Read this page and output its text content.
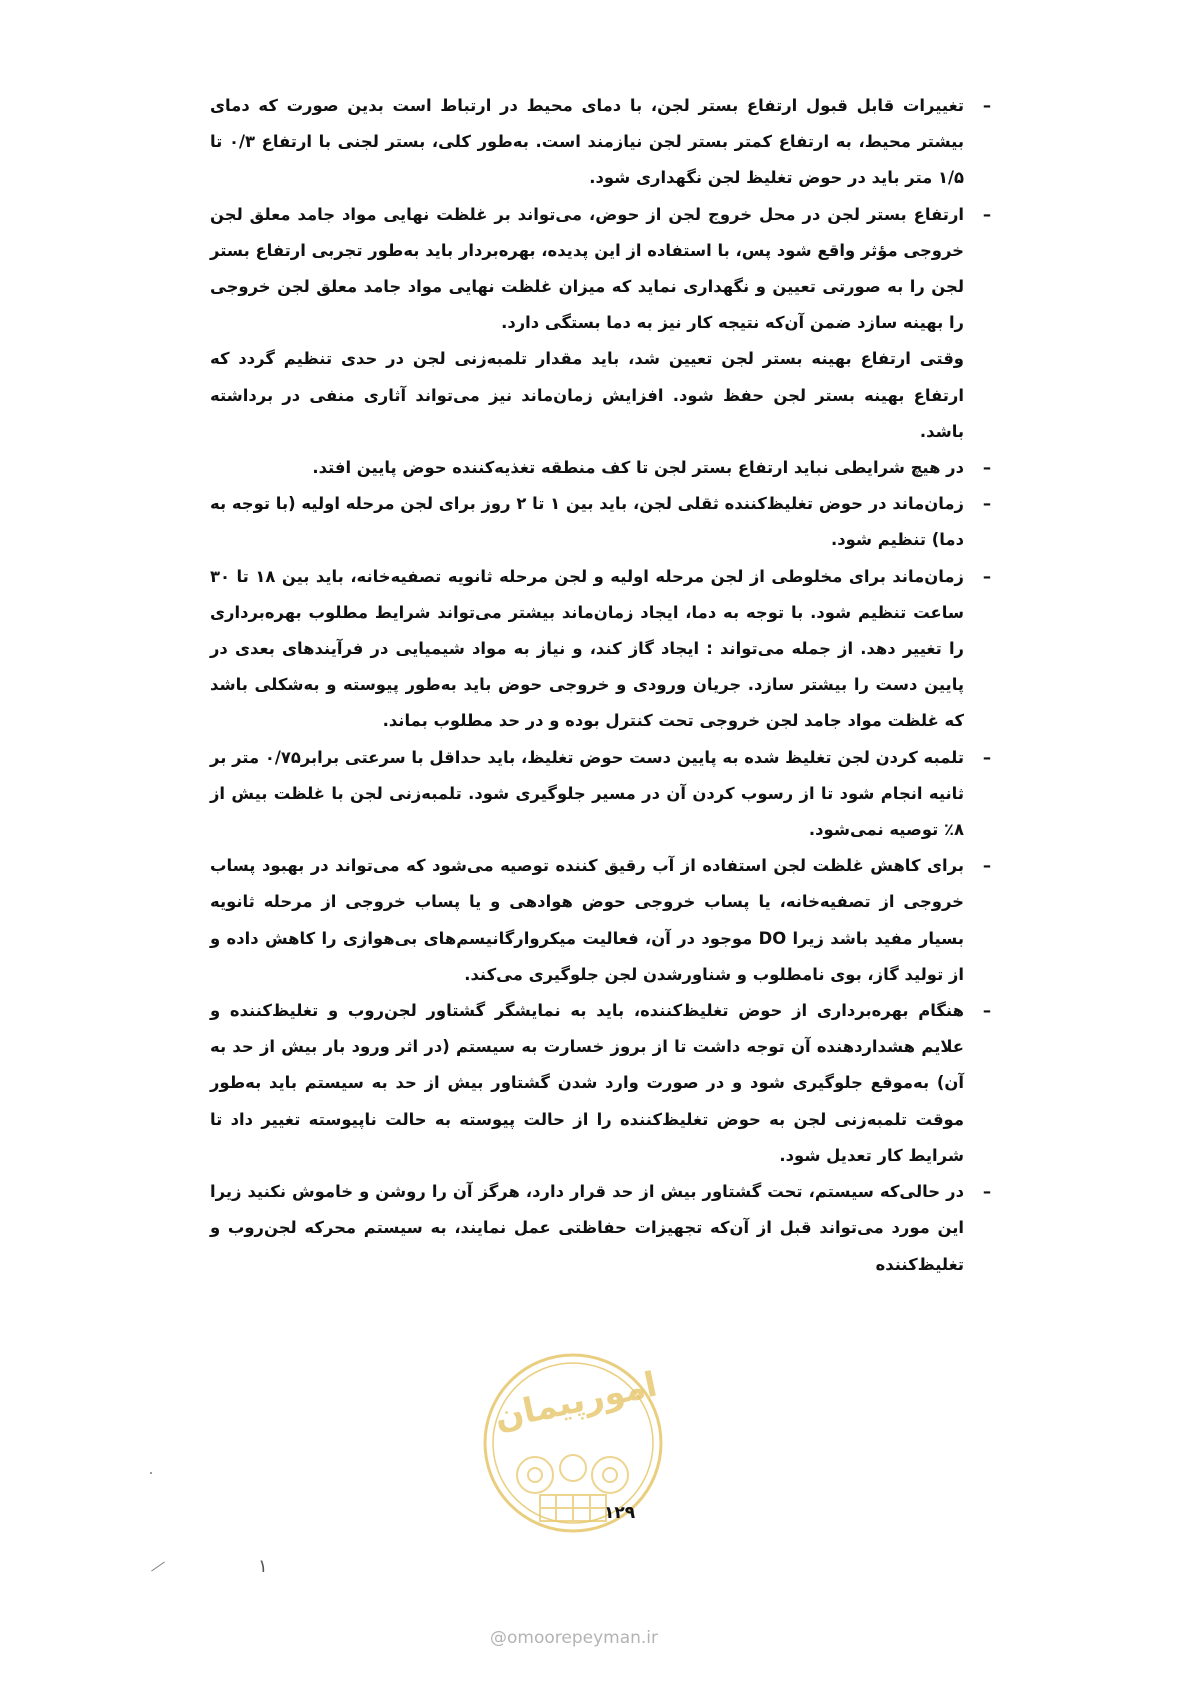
–
تغییرات قابل قبول ارتفاع بستر لجن، با دمای محیط در ارتباط است بدین صورت که دمای بیشتر محیط، به ارتفاع کمتر بستر لجن نیازمند است. به‌طور کلی، بستر لجنی با ارتفاع ۰/۳ تا ۱/۵ متر باید در حوض تغلیظ لجن نگهداری شود.

–
ارتفاع بستر لجن در محل خروج لجن از حوض، می‌تواند بر غلظت نهایی مواد جامد معلق لجن خروجی مؤثر واقع شود پس، با استفاده از این پدیده، بهره‌بردار باید به‌طور تجربی ارتفاع بستر لجن را به صورتی تعیین و نگهداری نماید که میزان غلظت نهایی مواد جامد معلق لجن خروجی را بهینه سازد ضمن آن‌که نتیجه کار نیز به دما بستگی دارد.

وقتی ارتفاع بهینه بستر لجن تعیین شد، باید مقدار تلمبه‌زنی لجن در حدی تنظیم گردد که ارتفاع بهینه بستر لجن حفظ شود. افزایش زمان‌ماند نیز می‌تواند آثاری منفی در برداشته باشد.

–
در هیچ شرایطی نباید ارتفاع بستر لجن تا کف منطقه تغذیه‌کننده حوض پایین افتد.

–
زمان‌ماند در حوض تغلیظ‌کننده ثقلی لجن، باید بین ۱ تا ۲ روز برای لجن مرحله اولیه (با توجه به دما) تنظیم شود.

–
زمان‌ماند برای مخلوطی از لجن مرحله اولیه و لجن مرحله ثانویه تصفیه‌خانه، باید بین ۱۸ تا ۳۰ ساعت تنظیم شود. با توجه به دما، ایجاد زمان‌ماند بیشتر می‌تواند شرایط مطلوب بهره‌برداری را تغییر دهد. از جمله می‌تواند : ایجاد گاز کند، و نیاز به مواد شیمیایی در فرآیندهای بعدی در پایین دست را بیشتر سازد. جریان ورودی و خروجی حوض باید به‌طور پیوسته و به‌شکلی باشد که غلظت مواد جامد لجن خروجی تحت کنترل بوده و در حد مطلوب بماند.

–
تلمبه کردن لجن تغلیظ شده به پایین دست حوض تغلیظ، باید حداقل با سرعتی برابر۰/۷۵ متر بر ثانیه انجام شود تا از رسوب کردن آن در مسیر جلوگیری شود. تلمبه‌زنی لجن با غلظت بیش از ۸٪ توصیه نمی‌شود.

–
برای کاهش غلظت لجن استفاده از آب رقیق کننده توصیه می‌شود که می‌تواند در بهبود پساب خروجی از تصفیه‌خانه، یا پساب خروجی حوض هوادهی و یا پساب خروجی از مرحله ثانویه بسیار مفید باشد زیرا DO موجود در آن، فعالیت میکروارگانیسم‌های بی‌هوازی را کاهش داده و از تولید گاز، بوی نامطلوب و شناورشدن لجن جلوگیری می‌کند.

–
هنگام بهره‌برداری از حوض تغلیظ‌کننده، باید به نمایشگر گشتاور لجن‌روب و تغلیظ‌کننده و علایم هشداردهنده آن توجه داشت تا از بروز خسارت به سیستم (در اثر ورود بار بیش از حد به آن) به‌موقع جلوگیری شود و در صورت وارد شدن گشتاور بیش از حد به سیستم باید به‌طور موقت تلمبه‌زنی لجن به حوض تغلیظ‌کننده را از حالت پیوسته به حالت ناپیوسته تغییر داد تا شرایط کار تعدیل شود.

–
در حالی‌که سیستم، تحت گشتاور بیش از حد قرار دارد، هرگز آن را روشن و خاموش نکنید زیرا این مورد می‌تواند قبل از آن‌که تجهیزات حفاظتی عمل نمایند، به سیستم محرکه لجن‌روب و تغلیظ‌کننده

امورپیمان
۱۲۹
@omoorepeyman.ir
١
